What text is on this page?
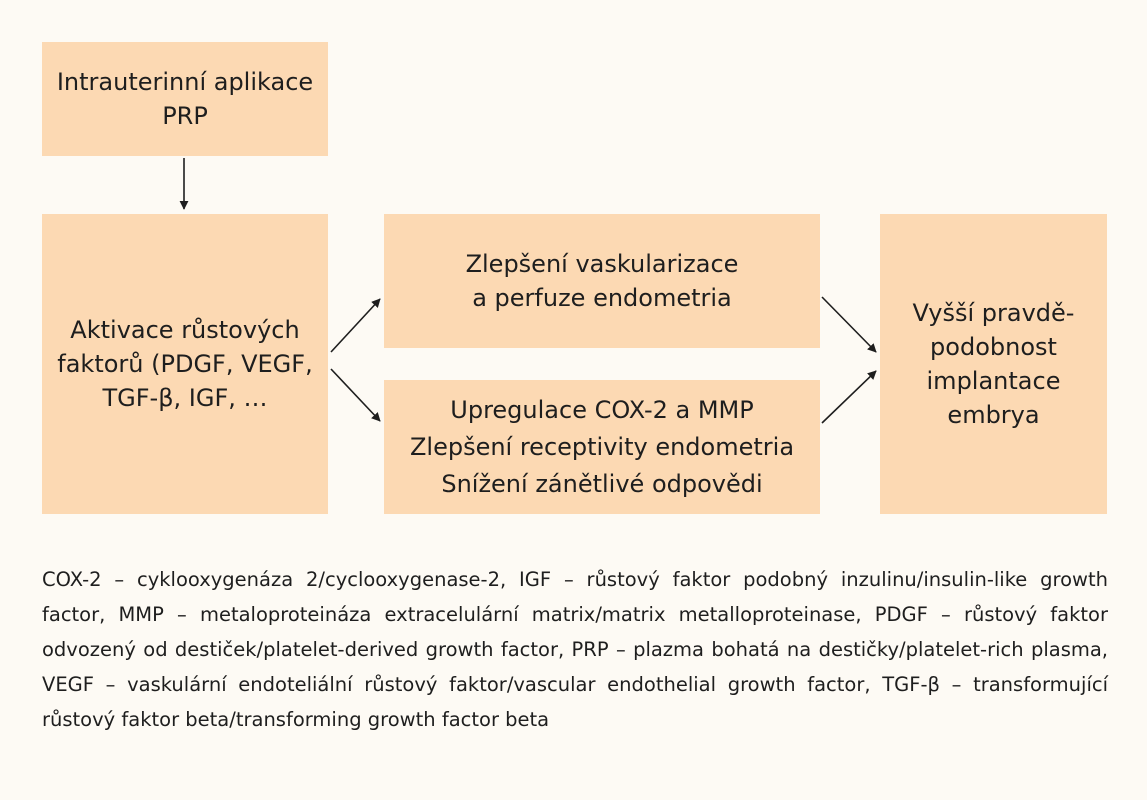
Intrauterinní aplikace
PRP
Aktivace růstových
faktorů (PDGF, VEGF,
TGF-β, IGF, …
Zlepšení vaskularizace
a perfuze endometria
Upregulace COX-2 a MMP
Zlepšení receptivity endometria
Snížení zánětlivé odpovědi
Vyšší pravdě-
podobnost
implantace
embrya
COX-2 – cyklooxygenáza 2/cyclooxygenase-2, IGF – růstový faktor podobný inzulinu/insulin-like growth factor, MMP – metaloproteináza extracelulární matrix/matrix metalloproteinase, PDGF – růstový faktor odvozený od destiček/platelet-derived growth factor, PRP – plazma bohatá na destičky/platelet-rich plasma, VEGF – vaskulární endoteliální růstový faktor/vascular endothelial growth factor, TGF-β – transformující růstový faktor beta/transforming growth factor beta
